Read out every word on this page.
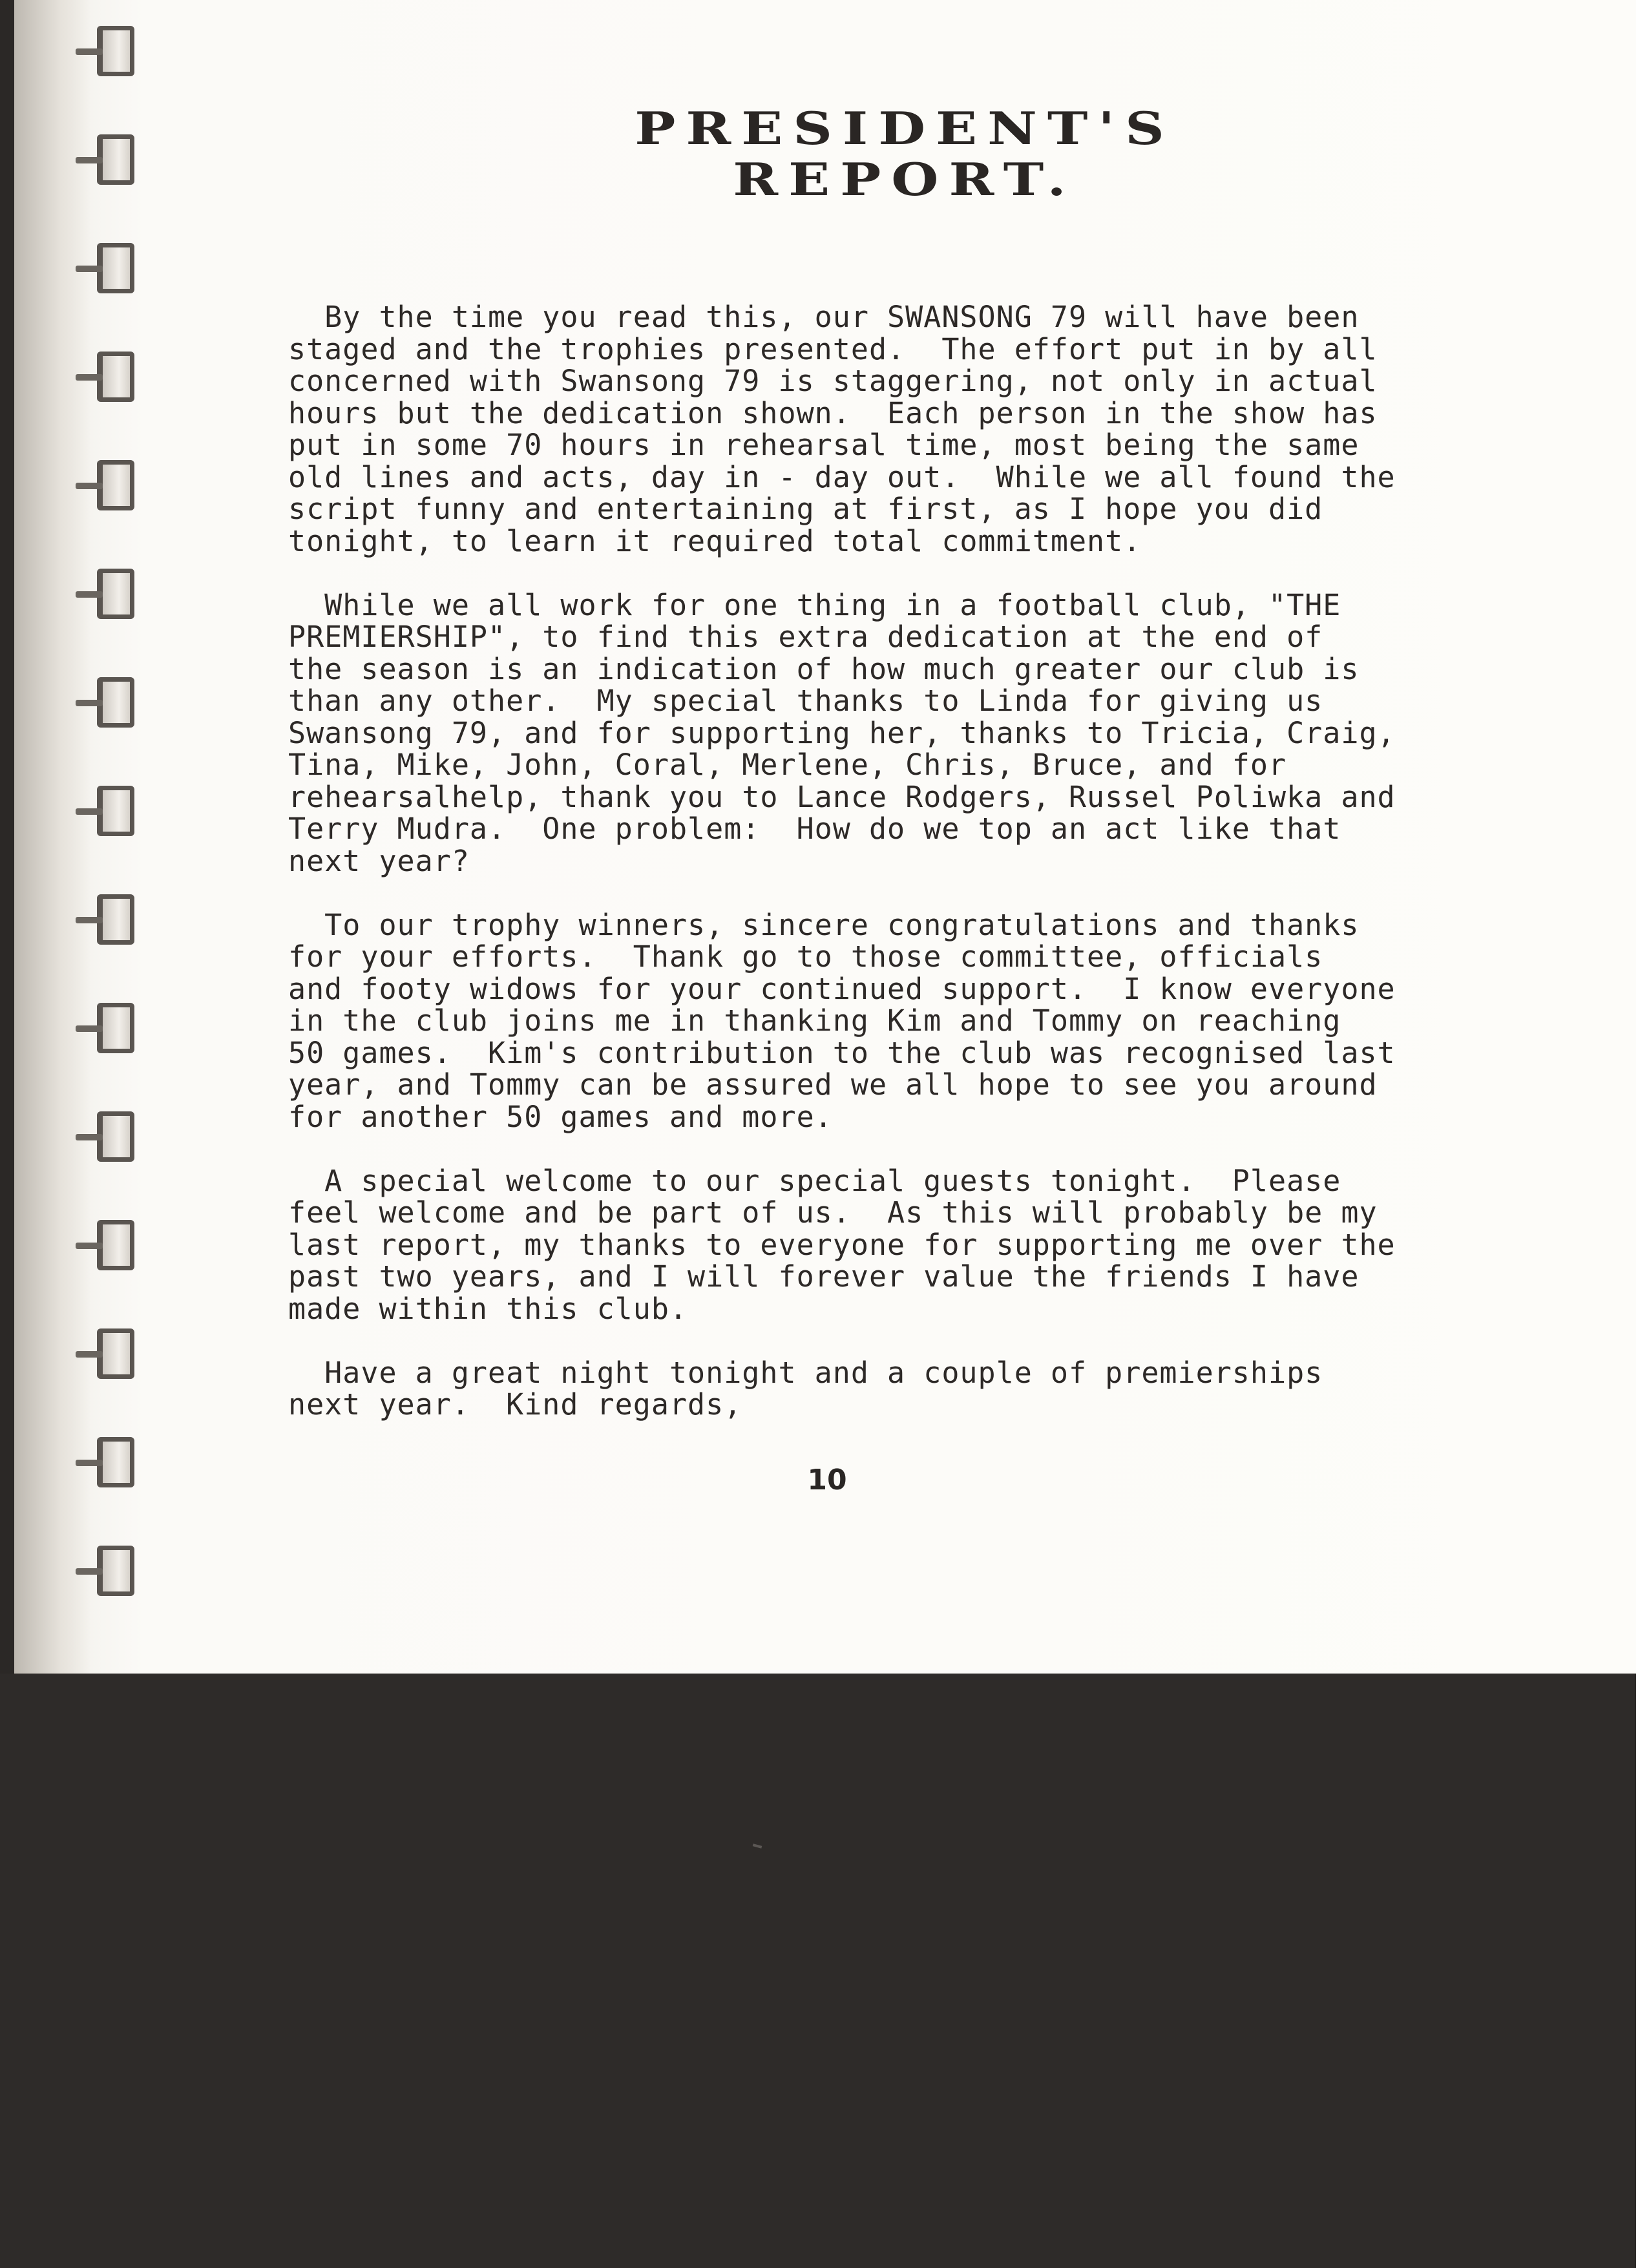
PRESIDENT'S
REPORT.

By the time you read this, our SWANSONG 79 will have been
staged and the trophies presented.  The effort put in by all
concerned with Swansong 79 is staggering, not only in actual
hours but the dedication shown.  Each person in the show has
put in some 70 hours in rehearsal time, most being the same
old lines and acts, day in - day out.  While we all found the
script funny and entertaining at first, as I hope you did
tonight, to learn it required total commitment.

While we all work for one thing in a football club, "THE
PREMIERSHIP", to find this extra dedication at the end of
the season is an indication of how much greater our club is
than any other.  My special thanks to Linda for giving us
Swansong 79, and for supporting her, thanks to Tricia, Craig,
Tina, Mike, John, Coral, Merlene, Chris, Bruce, and for
rehearsalhelp, thank you to Lance Rodgers, Russel Poliwka and
Terry Mudra.  One problem:  How do we top an act like that
next year?

To our trophy winners, sincere congratulations and thanks
for your efforts.  Thank go to those committee, officials
and footy widows for your continued support.  I know everyone
in the club joins me in thanking Kim and Tommy on reaching
50 games.  Kim's contribution to the club was recognised last
year, and Tommy can be assured we all hope to see you around
for another 50 games and more.

A special welcome to our special guests tonight.  Please
feel welcome and be part of us.  As this will probably be my
last report, my thanks to everyone for supporting me over the
past two years, and I will forever value the friends I have
made within this club.

Have a great night tonight and a couple of premierships
next year.  Kind regards,

10
